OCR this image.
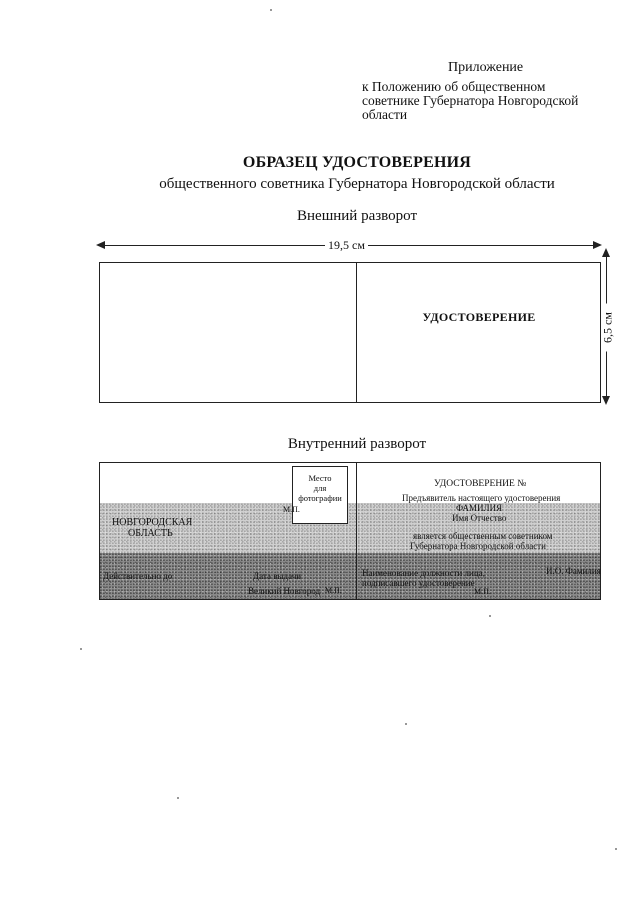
Приложение
к Положению об общественном
советнике Губернатора Новгородской
области
ОБРАЗЕЦ УДОСТОВЕРЕНИЯ
общественного советника Губернатора Новгородской области
Внешний разворот
19,5 см
6,5 см
УДОСТОВЕРЕНИЕ
Внутренний разворот
Место
для
фотографии
М.П.
НОВГОРОДСКАЯ
ОБЛАСТЬ
Действительно до	Дата выдачи
Великий Новгород М.П.
УДОСТОВЕРЕНИЕ №
Предъявитель настоящего удостоверения
ФАМИЛИЯ
Имя Отчество
является общественным советником
Губернатора Новгородской области
Наименование должности лица,
подписавшего удостоверение
И.О. Фамилия
М.П.
